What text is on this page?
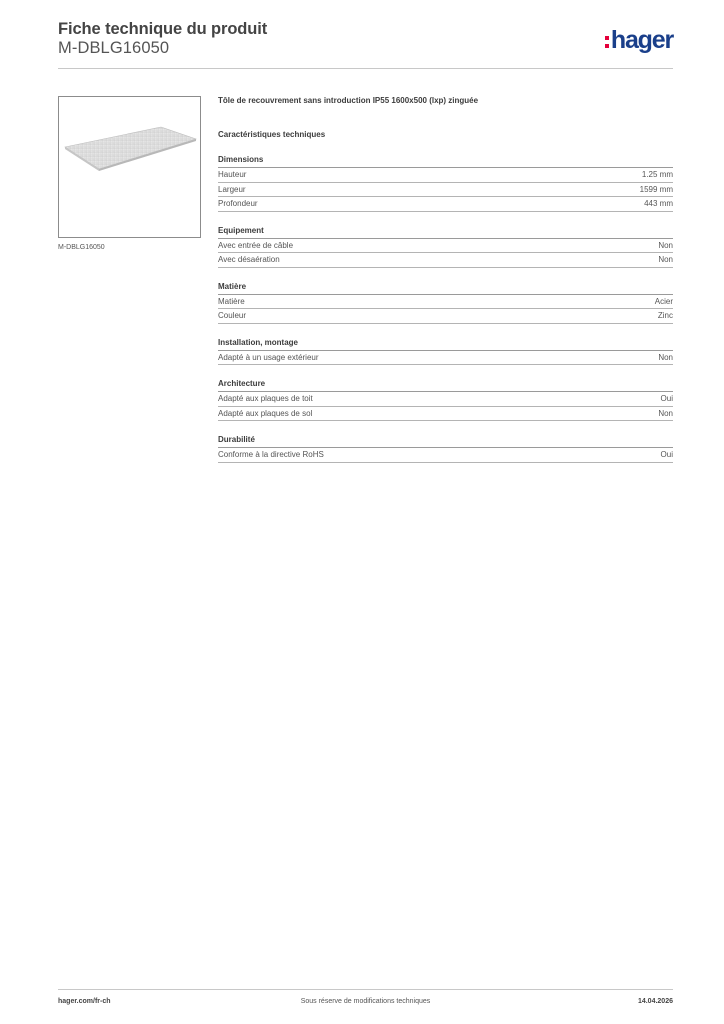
Fiche technique du produit
M-DBLG16050	hager
M-DBLG16050
Tôle de recouvrement sans introduction IP55 1600x500 (lxp) zinguée
Caractéristiques techniques
Dimensions
Hauteur	1.25 mm
Largeur	1599 mm
Profondeur	443 mm
Equipement
Avec entrée de câble	Non
Avec désaération	Non
Matière
Matière	Acier
Couleur	Zinc
Installation, montage
Adapté à un usage extérieur	Non
Architecture
Adapté aux plaques de toit	Oui
Adapté aux plaques de sol	Non
Durabilité
Conforme à la directive RoHS	Oui
hager.com/fr-ch	Sous réserve de modifications techniques	14.04.2026
